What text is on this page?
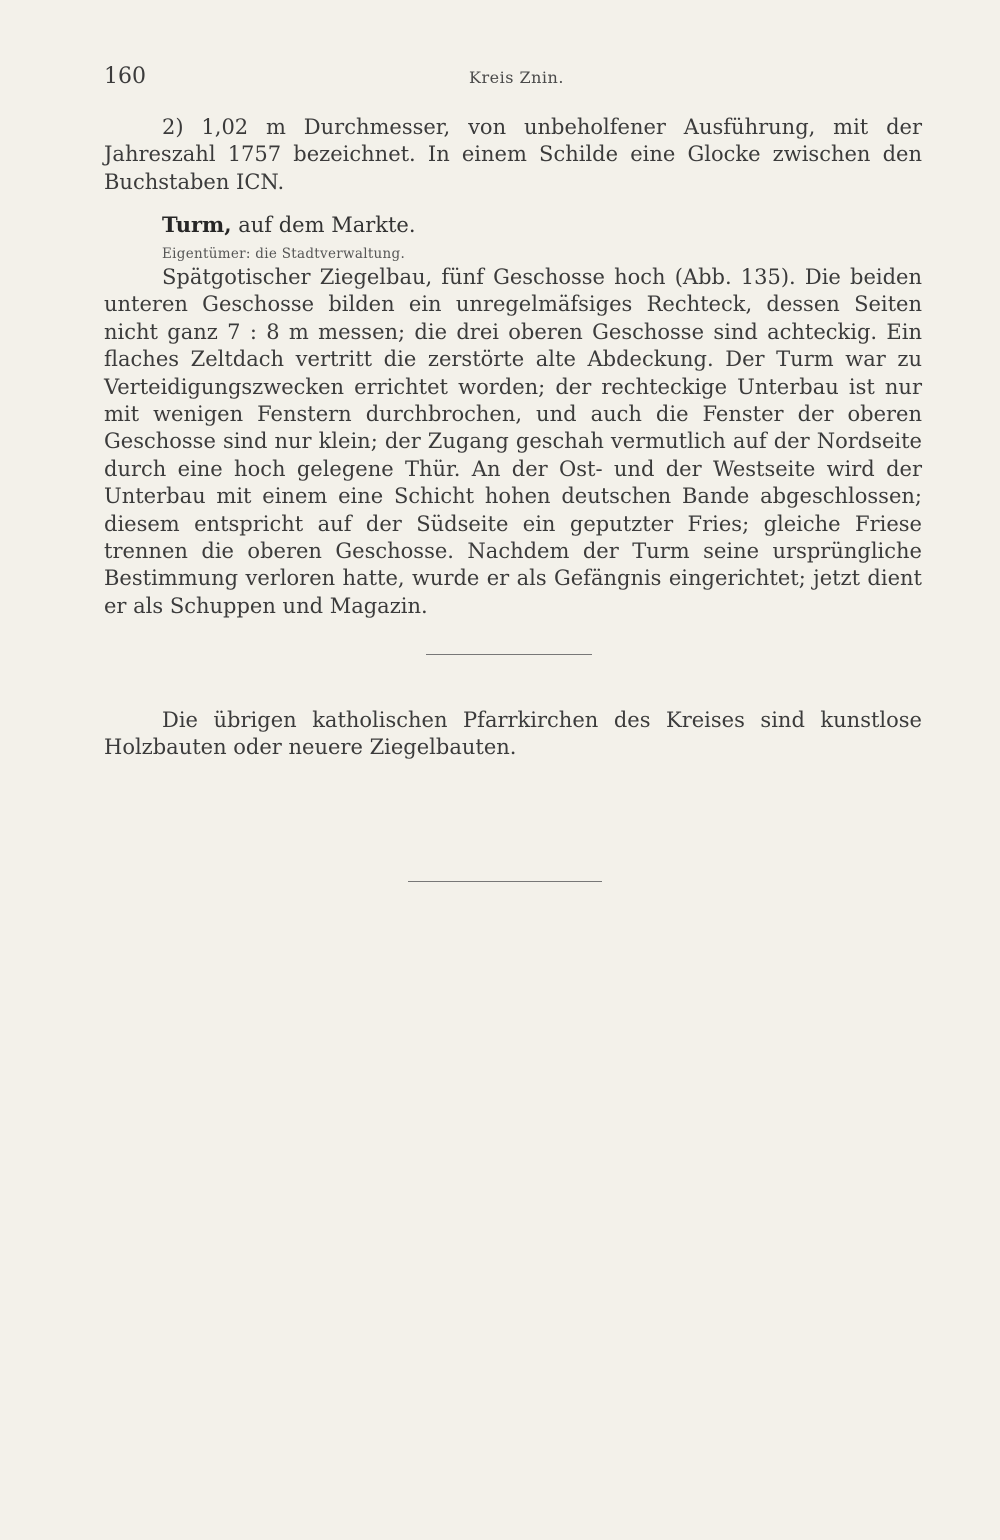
160	Kreis Znin.

2) 1,02 m Durchmesser, von unbeholfener Ausführung, mit der Jahreszahl 1757 bezeichnet. In einem Schilde eine Glocke zwischen den Buchstaben ICN.

Turm, auf dem Markte.
Eigentümer: die Stadtverwaltung.

Spätgotischer Ziegelbau, fünf Geschosse hoch (Abb. 135). Die beiden unteren Geschosse bilden ein unregelmäfsiges Rechteck, dessen Seiten nicht ganz 7 : 8 m messen; die drei oberen Geschosse sind achteckig. Ein flaches Zeltdach vertritt die zerstörte alte Abdeckung. Der Turm war zu Verteidigungszwecken errichtet worden; der rechteckige Unterbau ist nur mit wenigen Fenstern durchbrochen, und auch die Fenster der oberen Geschosse sind nur klein; der Zugang geschah vermutlich auf der Nordseite durch eine hoch gelegene Thür. An der Ost- und der Westseite wird der Unterbau mit einem eine Schicht hohen deutschen Bande abgeschlossen; diesem entspricht auf der Südseite ein geputzter Fries; gleiche Friese trennen die oberen Geschosse. Nachdem der Turm seine ursprüngliche Bestimmung verloren hatte, wurde er als Gefängnis eingerichtet; jetzt dient er als Schuppen und Magazin.

Die übrigen katholischen Pfarrkirchen des Kreises sind kunstlose Holzbauten oder neuere Ziegelbauten.
